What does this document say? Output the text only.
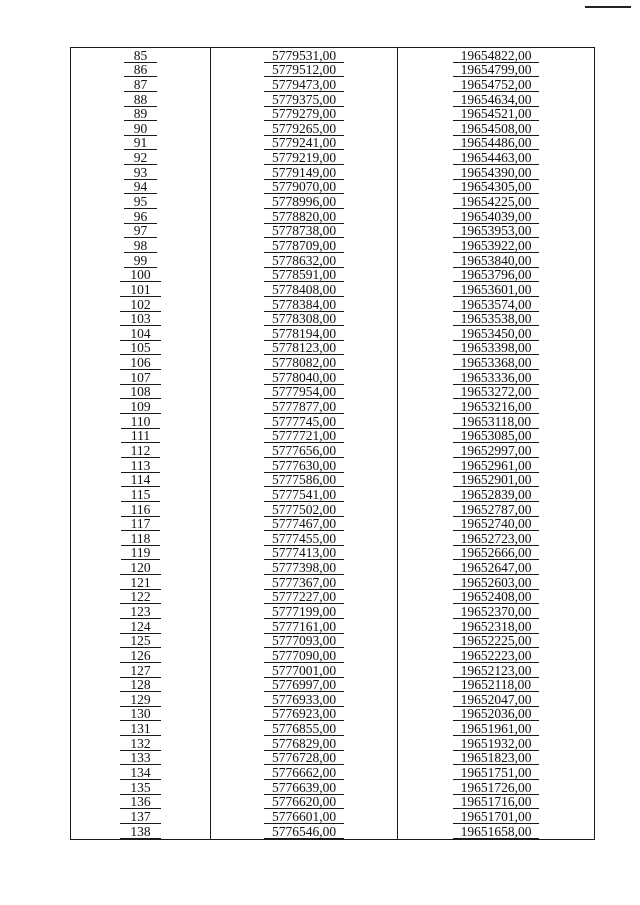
85	5779531,00	19654822,00
86	5779512,00	19654799,00
87	5779473,00	19654752,00
88	5779375,00	19654634,00
89	5779279,00	19654521,00
90	5779265,00	19654508,00
91	5779241,00	19654486,00
92	5779219,00	19654463,00
93	5779149,00	19654390,00
94	5779070,00	19654305,00
95	5778996,00	19654225,00
96	5778820,00	19654039,00
97	5778738,00	19653953,00
98	5778709,00	19653922,00
99	5778632,00	19653840,00
100	5778591,00	19653796,00
101	5778408,00	19653601,00
102	5778384,00	19653574,00
103	5778308,00	19653538,00
104	5778194,00	19653450,00
105	5778123,00	19653398,00
106	5778082,00	19653368,00
107	5778040,00	19653336,00
108	5777954,00	19653272,00
109	5777877,00	19653216,00
110	5777745,00	19653118,00
111	5777721,00	19653085,00
112	5777656,00	19652997,00
113	5777630,00	19652961,00
114	5777586,00	19652901,00
115	5777541,00	19652839,00
116	5777502,00	19652787,00
117	5777467,00	19652740,00
118	5777455,00	19652723,00
119	5777413,00	19652666,00
120	5777398,00	19652647,00
121	5777367,00	19652603,00
122	5777227,00	19652408,00
123	5777199,00	19652370,00
124	5777161,00	19652318,00
125	5777093,00	19652225,00
126	5777090,00	19652223,00
127	5777001,00	19652123,00
128	5776997,00	19652118,00
129	5776933,00	19652047,00
130	5776923,00	19652036,00
131	5776855,00	19651961,00
132	5776829,00	19651932,00
133	5776728,00	19651823,00
134	5776662,00	19651751,00
135	5776639,00	19651726,00
136	5776620,00	19651716,00
137	5776601,00	19651701,00
138	5776546,00	19651658,00
